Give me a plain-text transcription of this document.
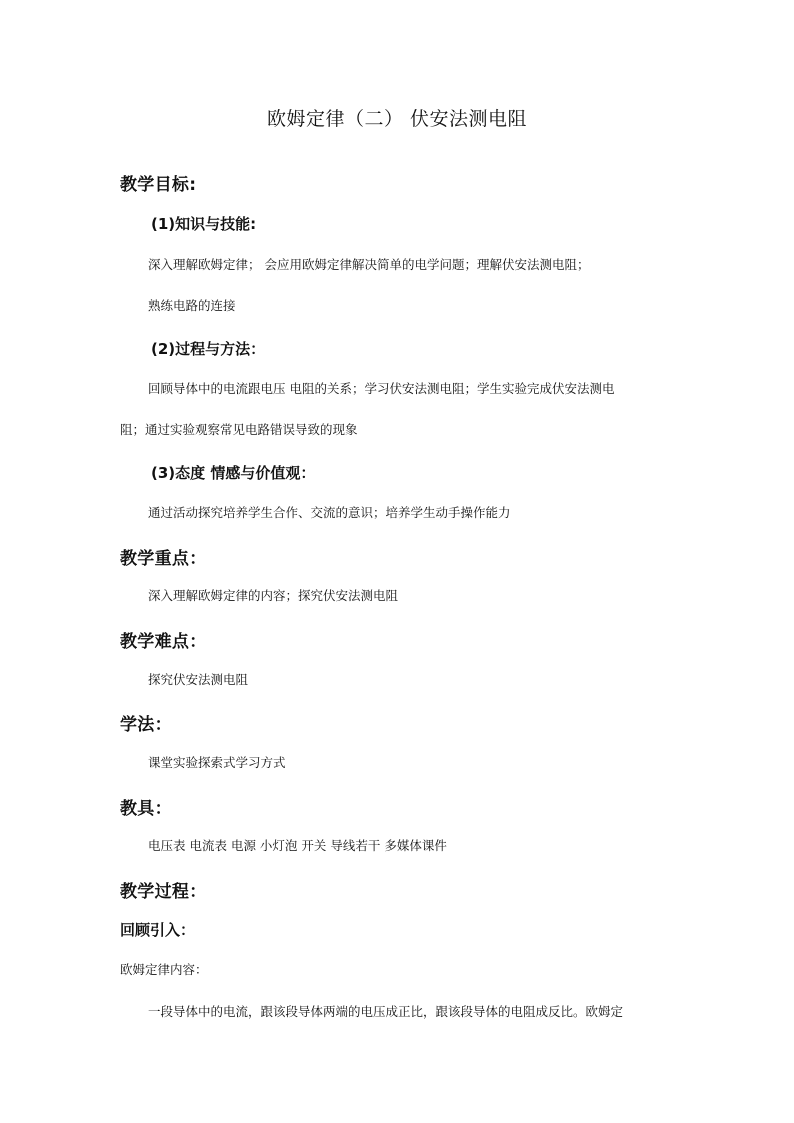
欧姆定律（二） 伏安法测电阻
教学目标:
(1)知识与技能:
深入理解欧姆定律； 会应用欧姆定律解决简单的电学问题；理解伏安法测电阻；
熟练电路的连接
(2)过程与方法：
回顾导体中的电流跟电压 电阻的关系；学习伏安法测电阻；学生实验完成伏安法测电
阻；通过实验观察常见电路错误导致的现象
(3)态度 情感与价值观：
通过活动探究培养学生合作、交流的意识；培养学生动手操作能力
教学重点：
深入理解欧姆定律的内容；探究伏安法测电阻
教学难点：
探究伏安法测电阻
学法：
课堂实验探索式学习方式
教具：
电压表 电流表 电源 小灯泡 开关 导线若干 多媒体课件
教学过程：
回顾引入：
欧姆定律内容：
一段导体中的电流，跟该段导体两端的电压成正比，跟该段导体的电阻成反比。欧姆定
